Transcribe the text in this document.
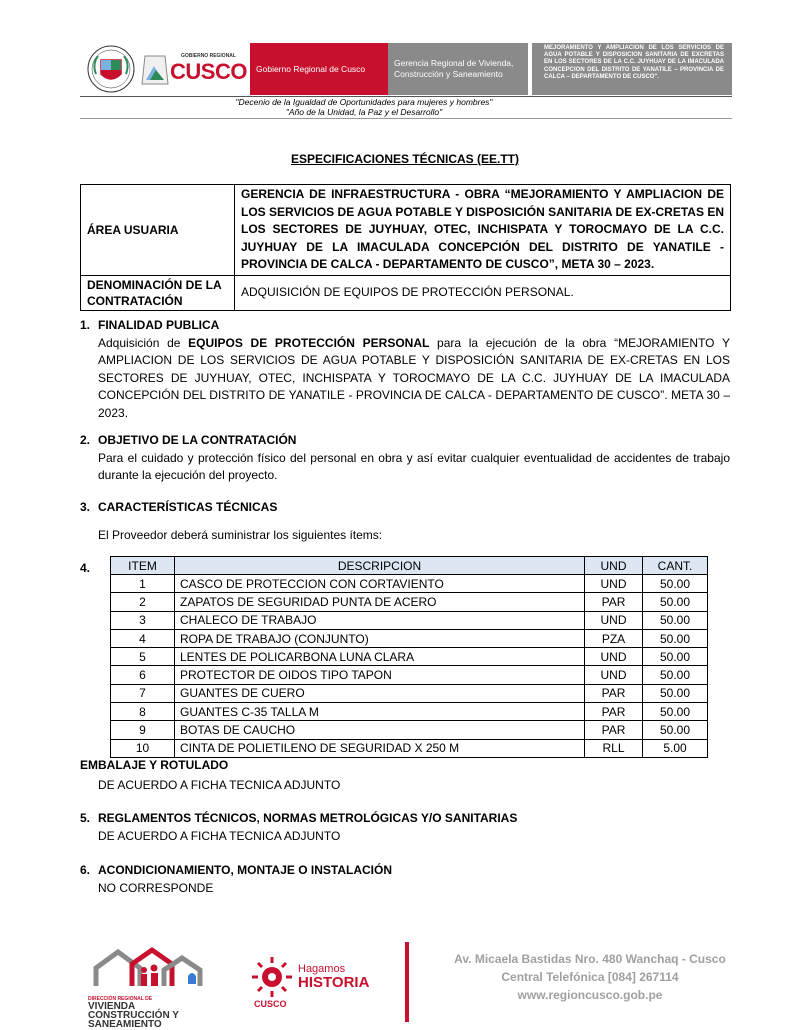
GOBIERNO REGIONAL
CUSCO	Gobierno Regional de Cusco
Gerencia Regional de Vivienda, Construcción y Saneamiento
MEJORAMIENTO Y AMPLIACION DE LOS SERVICIOS DE AGUA POTABLE Y DISPOSICION SANITARIA DE EXCRETAS EN LOS SECTORES DE LA C.C. JUYHUAY DE LA IMACULADA CONCEPCION DEL DISTRITO DE YANATILE – PROVINCIA DE CALCA – DEPARTAMENTO DE CUSCO".
"Decenio de la Igualdad de Oportunidades para mujeres y hombres"
"Año de la Unidad, la Paz y el Desarrollo"
ESPECIFICACIONES TÉCNICAS (EE.TT)
ÁREA USUARIA	GERENCIA DE INFRAESTRUCTURA - OBRA “MEJORAMIENTO Y AMPLIACION DE LOS SERVICIOS DE AGUA POTABLE Y DISPOSICIÓN SANITARIA DE EX-CRETAS EN LOS SECTORES DE JUYHUAY, OTEC, INCHISPATA Y TOROCMAYO DE LA C.C. JUYHUAY DE LA IMACULADA CONCEPCIÓN DEL DISTRITO DE YANATILE - PROVINCIA DE CALCA - DEPARTAMENTO DE CUSCO”, META 30 – 2023.
DENOMINACIÓN DE LA CONTRATACIÓN	ADQUISICIÓN DE EQUIPOS DE PROTECCIÓN PERSONAL.
1. FINALIDAD PUBLICA
Adquisición de EQUIPOS DE PROTECCIÓN PERSONAL para la ejecución de la obra “MEJORAMIENTO Y AMPLIACION DE LOS SERVICIOS DE AGUA POTABLE Y DISPOSICIÓN SANITARIA DE EX-CRETAS EN LOS SECTORES DE JUYHUAY, OTEC, INCHISPATA Y TOROCMAYO DE LA C.C. JUYHUAY DE LA IMACULADA CONCEPCIÓN DEL DISTRITO DE YANATILE - PROVINCIA DE CALCA - DEPARTAMENTO DE CUSCO”. META 30 – 2023.
2. OBJETIVO DE LA CONTRATACIÓN
Para el cuidado y protección físico del personal en obra y así evitar cualquier eventualidad de accidentes de trabajo durante la ejecución del proyecto.
3. CARACTERÍSTICAS TÉCNICAS
El Proveedor deberá suministrar los siguientes ítems:
4.	ITEM	DESCRIPCION	UND	CANT.
1	CASCO DE PROTECCION CON CORTAVIENTO	UND	50.00
2	ZAPATOS DE SEGURIDAD PUNTA DE ACERO	PAR	50.00
3	CHALECO DE TRABAJO	UND	50.00
4	ROPA DE TRABAJO (CONJUNTO)	PZA	50.00
5	LENTES DE POLICARBONA LUNA CLARA	UND	50.00
6	PROTECTOR DE OIDOS TIPO TAPON	UND	50.00
7	GUANTES DE CUERO	PAR	50.00
8	GUANTES C-35 TALLA M	PAR	50.00
9	BOTAS DE CAUCHO	PAR	50.00
10	CINTA DE POLIETILENO DE SEGURIDAD X 250 M	RLL	5.00
EMBALAJE Y ROTULADO
DE ACUERDO A FICHA TECNICA ADJUNTO
5. REGLAMENTOS TÉCNICOS, NORMAS METROLÓGICAS Y/O SANITARIAS
DE ACUERDO A FICHA TECNICA ADJUNTO
6. ACONDICIONAMIENTO, MONTAJE O INSTALACIÓN
NO CORRESPONDE
DIRECCIÓN REGIONAL DE
VIVIENDA
CONSTRUCCIÓN Y
SANEAMIENTO
Hagamos
HISTORIA
CUSCO
Av. Micaela Bastidas Nro. 480 Wanchaq - Cusco
Central Telefónica [084] 267114
www.regioncusco.gob.pe
